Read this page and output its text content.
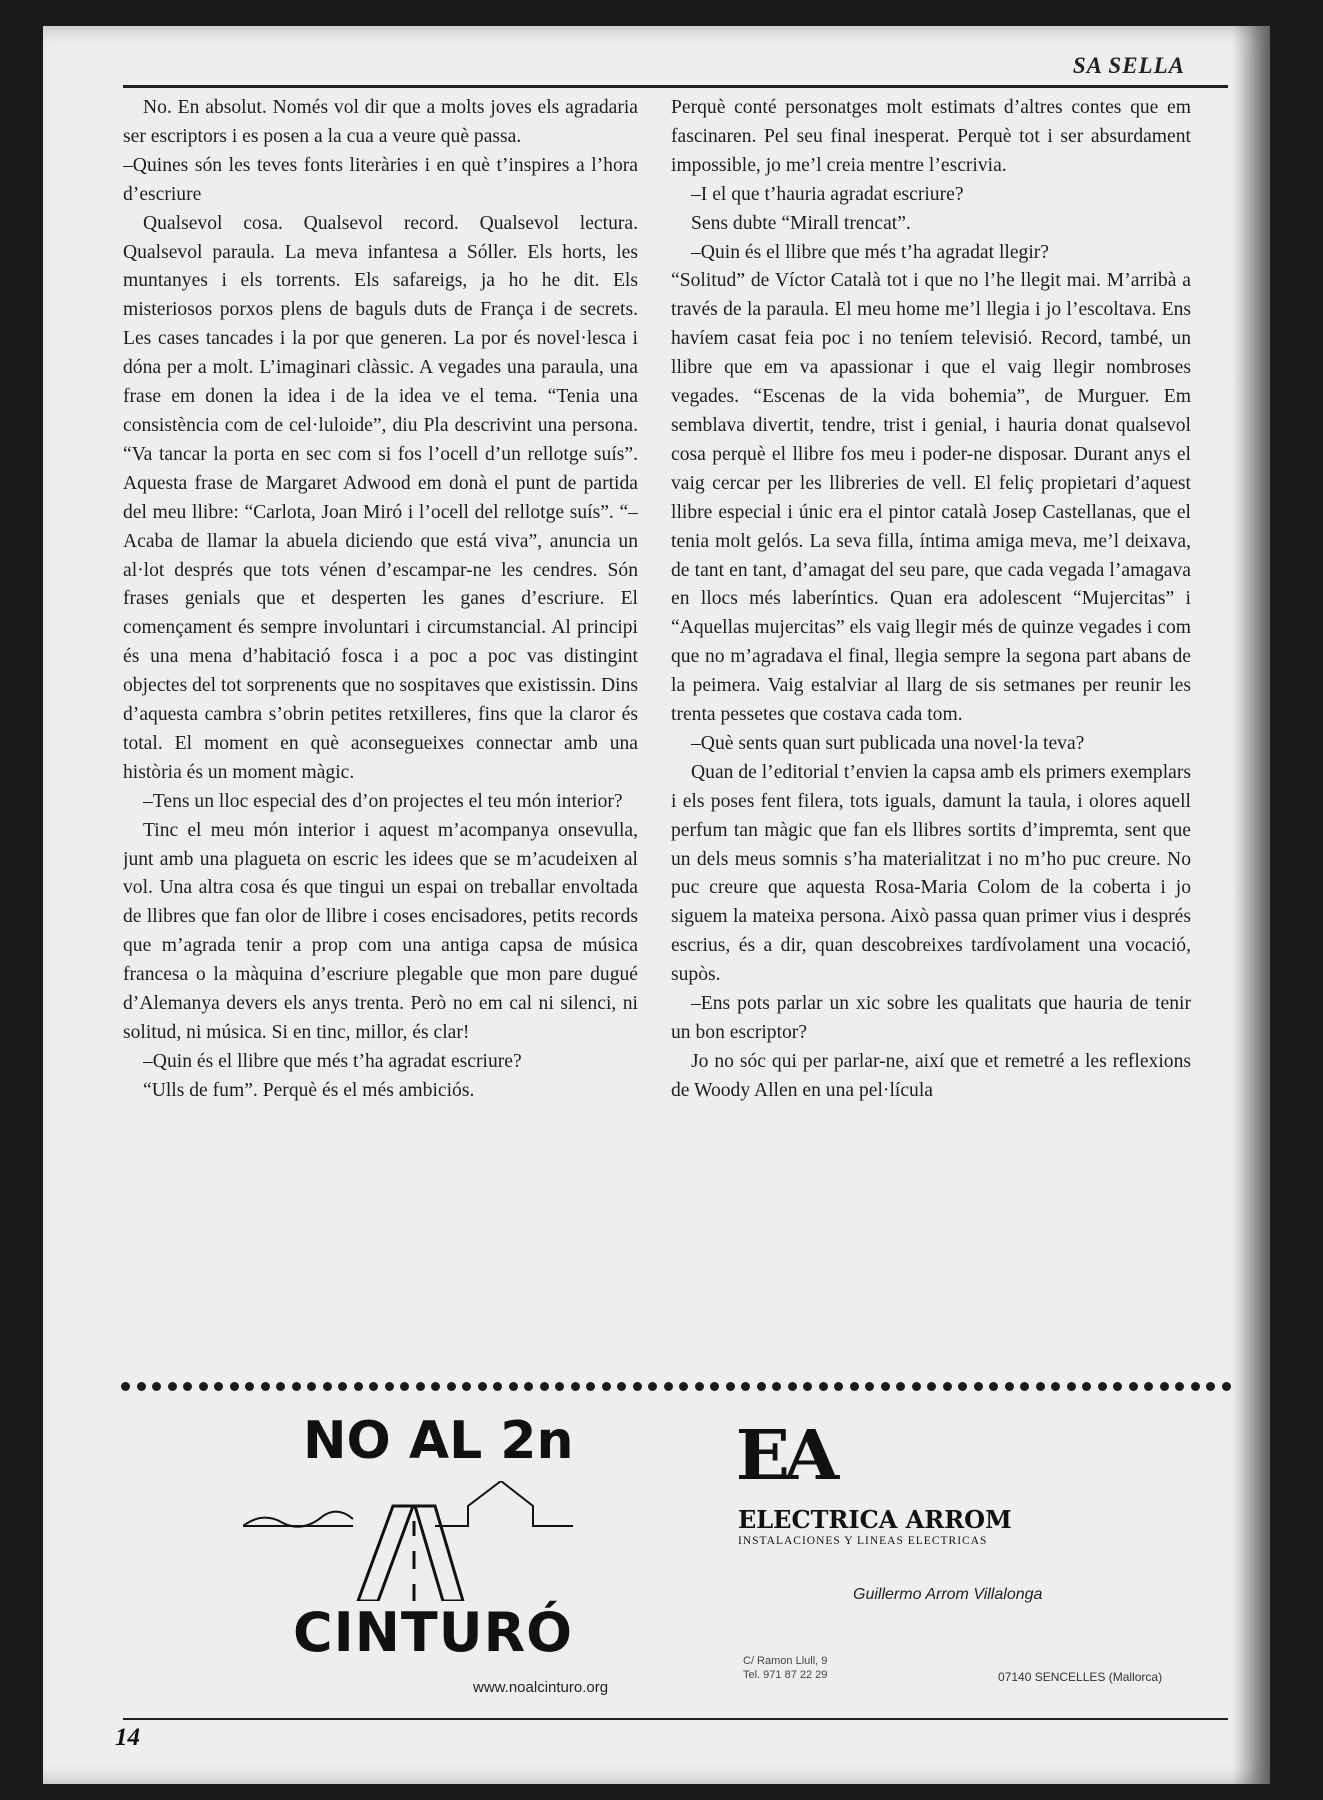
SA SELLA

No. En absolut. Només vol dir que a molts joves els agradaria ser escriptors i es posen a la cua a veure què passa.

–Quines són les teves fonts literàries i en què t’inspires a l’hora d’escriure

Qualsevol cosa. Qualsevol record. Qualsevol lectura. Qualsevol paraula. La meva infantesa a Sóller. Els horts, les muntanyes i els torrents. Els safareigs, ja ho he dit. Els misteriosos porxos plens de baguls duts de França i de secrets. Les cases tancades i la por que generen. La por és novel·lesca i dóna per a molt. L’imaginari clàssic. A vegades una paraula, una frase em donen la idea i de la idea ve el tema. “Tenia una consistència com de cel·luloide”, diu Pla descrivint una persona. “Va tancar la porta en sec com si fos l’ocell d’un rellotge suís”. Aquesta frase de Margaret Adwood em donà el punt de partida del meu llibre: “Carlota, Joan Miró i l’ocell del rellotge suís”. “–Acaba de llamar la abuela diciendo que está viva”, anuncia un al·lot després que tots vénen d’escampar-ne les cendres. Són frases genials que et desperten les ganes d’escriure. El començament és sempre involuntari i circumstancial. Al principi és una mena d’habitació fosca i a poc a poc vas distingint objectes del tot sorprenents que no sospitaves que existissin. Dins d’aquesta cambra s’obrin petites retxilleres, fins que la claror és total. El moment en què aconsegueixes connectar amb una història és un moment màgic.

–Tens un lloc especial des d’on projectes el teu món interior?

Tinc el meu món interior i aquest m’acompanya onsevulla, junt amb una plagueta on escric les idees que se m’acudeixen al vol. Una altra cosa és que tingui un espai on treballar envoltada de llibres que fan olor de llibre i coses encisadores, petits records que m’agrada tenir a prop com una antiga capsa de música francesa o la màquina d’escriure plegable que mon pare dugué d’Alemanya devers els anys trenta. Però no em cal ni silenci, ni solitud, ni música. Si en tinc, millor, és clar!

–Quin és el llibre que més t’ha agradat escriure?

“Ulls de fum”. Perquè és el més ambiciós.

Perquè conté personatges molt estimats d’altres contes que em fascinaren. Pel seu final inesperat. Perquè tot i ser absurdament impossible, jo me’l creia mentre l’escrivia.

–I el que t’hauria agradat escriure?

Sens dubte “Mirall trencat”.

–Quin és el llibre que més t’ha agradat llegir?

“Solitud” de Víctor Català tot i que no l’he llegit mai. M’arribà a través de la paraula. El meu home me’l llegia i jo l’escoltava. Ens havíem casat feia poc i no teníem televisió. Record, també, un llibre que em va apassionar i que el vaig llegir nombroses vegades. “Escenas de la vida bohemia”, de Murguer. Em semblava divertit, tendre, trist i genial, i hauria donat qualsevol cosa perquè el llibre fos meu i poder-ne disposar. Durant anys el vaig cercar per les llibreries de vell. El feliç propietari d’aquest llibre especial i únic era el pintor català Josep Castellanas, que el tenia molt gelós. La seva filla, íntima amiga meva, me’l deixava, de tant en tant, d’amagat del seu pare, que cada vegada l’amagava en llocs més laberíntics. Quan era adolescent “Mujercitas” i “Aquellas mujercitas” els vaig llegir més de quinze vegades i com que no m’agradava el final, llegia sempre la segona part abans de la peimera. Vaig estalviar al llarg de sis setmanes per reunir les trenta pessetes que costava cada tom.

–Què sents quan surt publicada una novel·la teva?

Quan de l’editorial t’envien la capsa amb els primers exemplars i els poses fent filera, tots iguals, damunt la taula, i olores aquell perfum tan màgic que fan els llibres sortits d’impremta, sent que un dels meus somnis s’ha materialitzat i no m’ho puc creure. No puc creure que aquesta Rosa-Maria Colom de la coberta i jo siguem la mateixa persona. Això passa quan primer vius i després escrius, és a dir, quan descobreixes tardívolament una vocació, supòs.

–Ens pots parlar un xic sobre les qualitats que hauria de tenir un bon escriptor?

Jo no sóc qui per parlar-ne, així que et remetré a les reflexions de Woody Allen en una pel·lícula

NO AL 2n
CINTURÓ
www.noalcinturo.org
EA
ELECTRICA ARROM
INSTALACIONES Y LINEAS ELECTRICAS
Guillermo Arrom Villalonga
C/ Ramon Llull, 9
Tel. 971 87 22 29	07140 SENCELLES (Mallorca)
14
